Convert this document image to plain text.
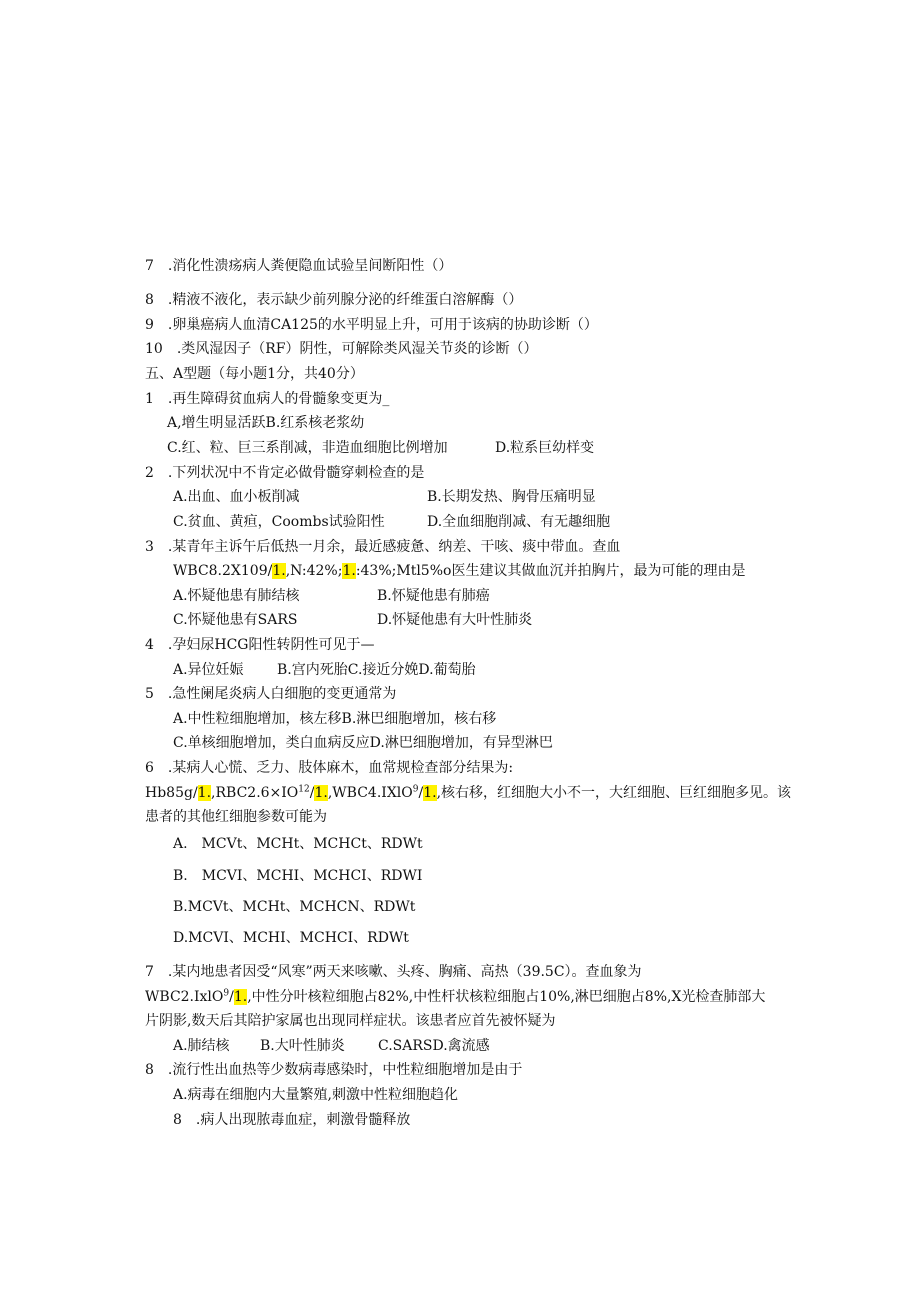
7　.消化性溃疡病人粪便隐血试验呈间断阳性（）
8　.精液不液化，表示缺少前列腺分泌的纤维蛋白溶解酶（）
9　.卵巢癌病人血清CA125的水平明显上升，可用于该病的协助诊断（）
10　.类风湿因子（RF）阴性，可解除类风湿关节炎的诊断（）
五、A型题（每小题1分，共40分）
1　.再生障碍贫血病人的骨髓象变更为_
A,增生明显活跃B.红系核老浆幼
C.红、粒、巨三系削减，非造血细胞比例增加	D.粒系巨幼样变
2　.下列状况中不肯定必做骨髓穿刺检查的是
A.出血、血小板削减	B.长期发热、胸骨压痛明显
C.贫血、黄疸，Coombs试验阳性	D.全血细胞削减、有无趣细胞
3　.某青年主诉午后低热一月余，最近感疲惫、纳差、干咳、痰中带血。查血
WBC8.2X109/1.,N:42%;1.:43%;Mtl5%o医生建议其做血沉并拍胸片，最为可能的理由是
A.怀疑他患有肺结核	B.怀疑他患有肺癌
C.怀疑他患有SARS	D.怀疑他患有大叶性肺炎
4　.孕妇尿HCG阳性转阴性可见于—
A.异位妊娠 B.宫内死胎C.接近分娩D.葡萄胎
5　.急性阑尾炎病人白细胞的变更通常为
A.中性粒细胞增加，核左移B.淋巴细胞增加，核右移
C.单核细胞增加，类白血病反应D.淋巴细胞增加，有异型淋巴
6　.某病人心慌、乏力、肢体麻木，血常规检查部分结果为:
$Hb85g/1.,RBC2.6\times IO^{12}/1.,WBC4.IXlO^9/1$.,核右移，红细胞大小不一，大红细胞、巨红细胞多见。该
患者的其他红细胞参数可能为
A.　MCVt、MCHt、MCHCt、RDWt
B.　MCVI、MCHI、MCHCI、RDWI
B.MCVt、MCHt、MCHCN、RDWt
D.MCVI、MCHI、MCHCI、RDWt
7　.某内地患者因受“风寒”两天来咳嗽、头疼、胸痛、高热（39.5C）。查血象为
WBC2.IxlO$^9$/1.,中性分叶核粒细胞占82%,中性杆状核粒细胞占10%,淋巴细胞占8%,X光检查肺部大
片阴影,数天后其陪护家属也出现同样症状。该患者应首先被怀疑为
A.肺结核 B.大叶性肺炎 C.SARSD.禽流感
8　.流行性出血热等少数病毒感染时，中性粒细胞增加是由于
A.病毒在细胞内大量繁殖,刺激中性粒细胞趋化
8　.病人出现脓毒血症，刺激骨髓释放
